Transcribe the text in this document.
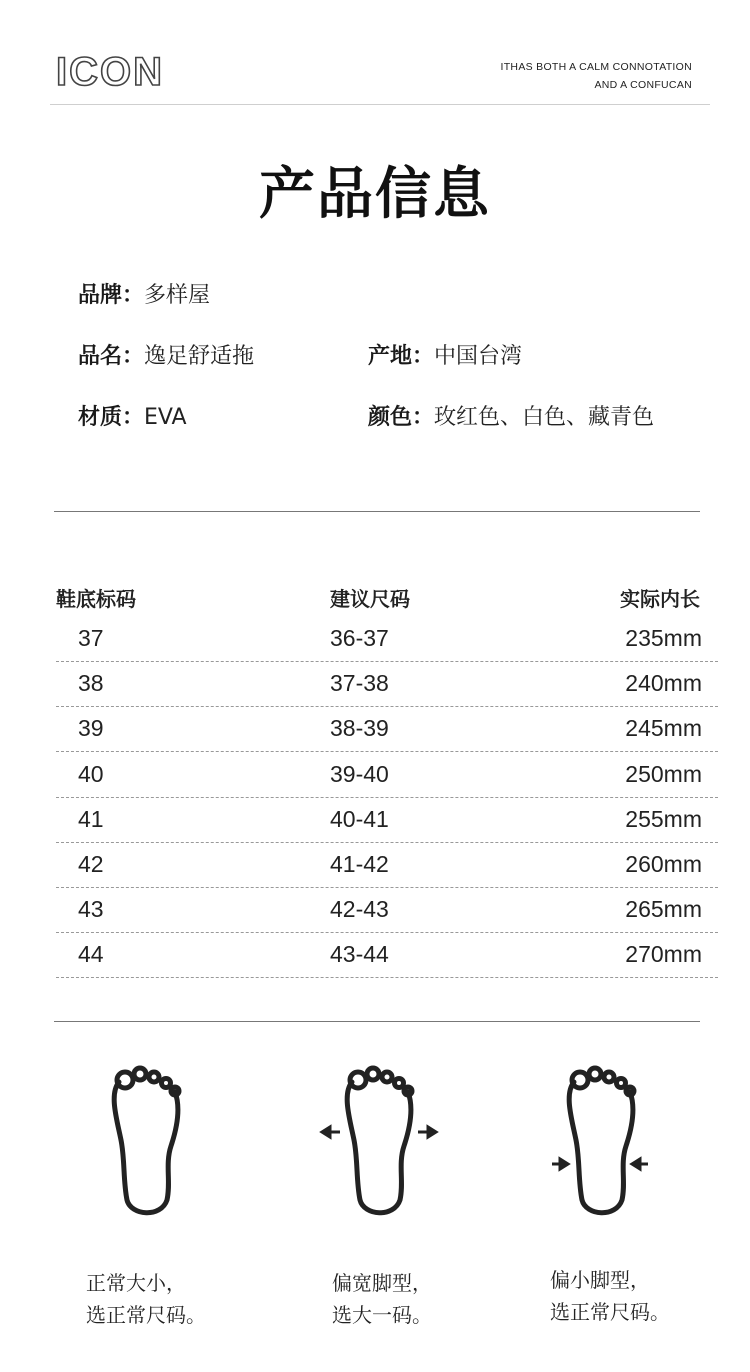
ICON	ITHAS BOTH A CALM CONNOTATION
AND A CONFUCAN
产品信息
品牌：多样屋
品名：逸足舒适拖	产地：中国台湾
材质：EVA	颜色：玫红色、白色、藏青色
鞋底标码	建议尺码	实际内长
37	36-37	235mm
38	37-38	240mm
39	38-39	245mm
40	39-40	250mm
41	40-41	255mm
42	41-42	260mm
43	42-43	265mm
44	43-44	270mm
正常大小，
选正常尺码。
偏宽脚型，
选大一码。
偏小脚型，
选正常尺码。
